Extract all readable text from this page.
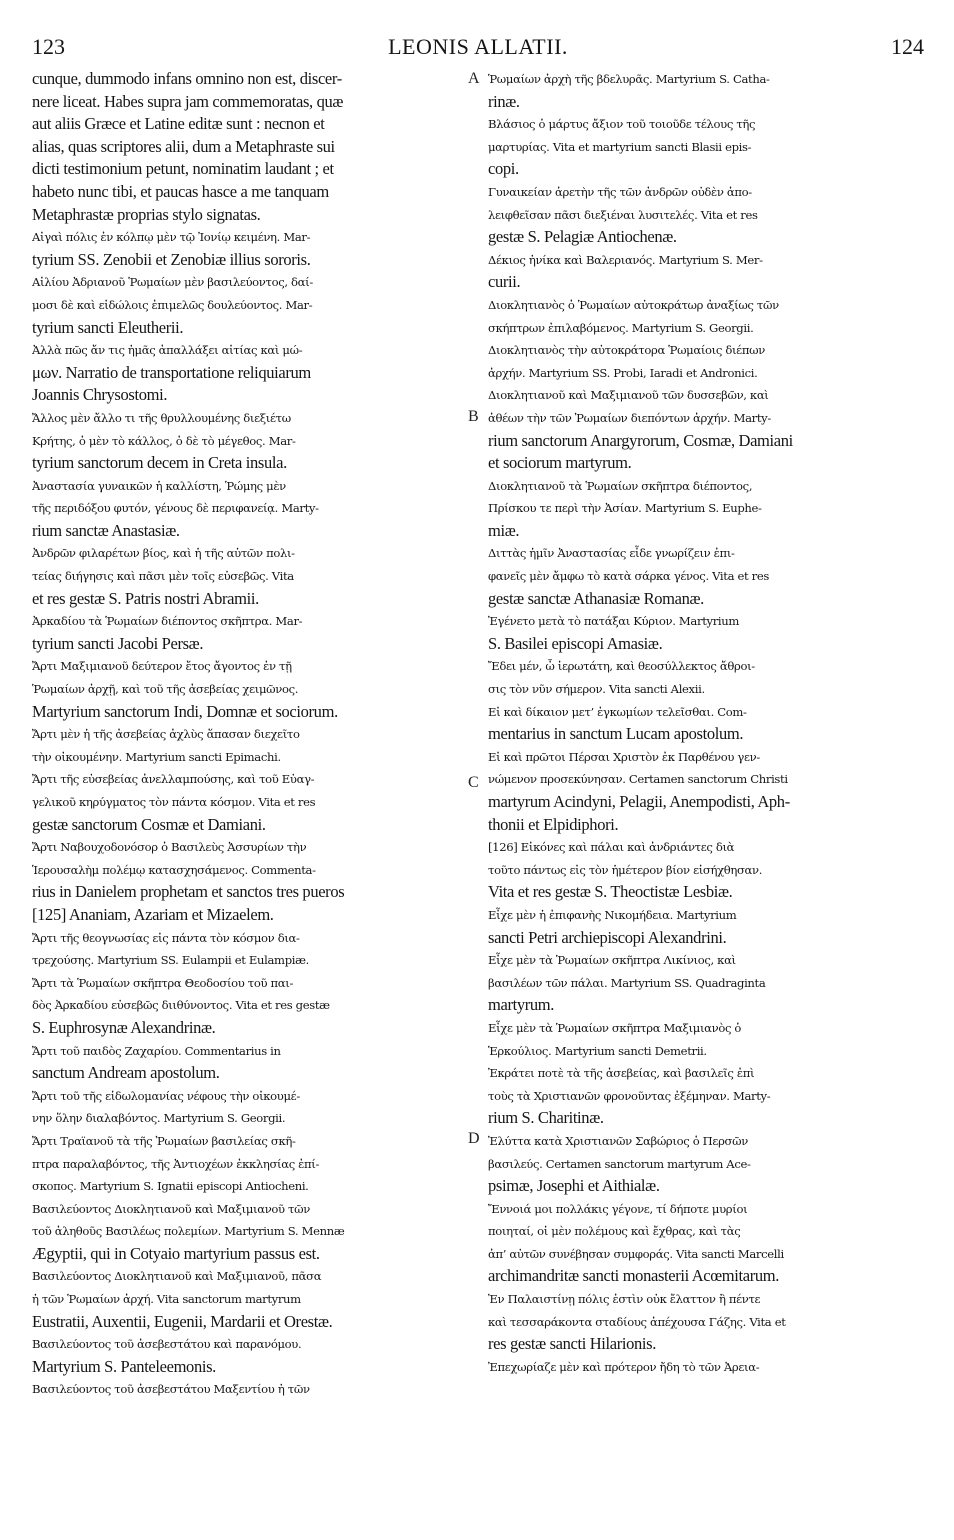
123	LEONIS ALLATII.	124
cunque, dummodo infans omnino non est, discer-
nere liceat. Habes supra jam commemoratas, quæ
aut aliis Græce et Latine editæ sunt : necnon et
alias, quas scriptores alii, dum a Metaphraste sui
dicti testimonium petunt, nominatim laudant ; et
habeto nunc tibi, et paucas hasce a me tanquam
Metaphrastæ proprias stylo signatas.
Αἰγαὶ πόλις ἐν κόλπῳ μὲν τῷ Ἰονίῳ κειμένη. Mar-
tyrium SS. Zenobii et Zenobiæ illius sororis.
Αἰλίου Ἀδριανοῦ Ῥωμαίων μὲν βασιλεύοντος, δαί-
μοσι δὲ καὶ εἰδώλοις ἐπιμελῶς δουλεύοντος. Mar-
tyrium sancti Eleutherii.
Ἀλλὰ πῶς ἄν τις ἡμᾶς ἀπαλλάξει αἰτίας καὶ μώ-
μων. Narratio de transportatione reliquiarum
Joannis Chrysostomi.
Ἄλλος μὲν ἄλλο τι τῆς θρυλλουμένης διεξιέτω
Κρήτης, ὁ μὲν τὸ κάλλος, ὁ δὲ τὸ μέγεθος. Mar-
tyrium sanctorum decem in Creta insula.
Ἀναστασία γυναικῶν ἡ καλλίστη, Ῥώμης μὲν
τῆς περιδόξου φυτόν, γένους δὲ περιφανείᾳ. Marty-
rium sanctæ Anastasiæ.
Ἀνδρῶν φιλαρέτων βίος, καὶ ἡ τῆς αὐτῶν πολι-
τείας διήγησις καὶ πᾶσι μὲν τοῖς εὐσεβῶς. Vita
et res gestæ S. Patris nostri Abramii.
Ἀρκαδίου τὰ Ῥωμαίων διέποντος σκῆπτρα. Mar-
tyrium sancti Jacobi Persæ.
Ἄρτι Μαξιμιανοῦ δεύτερον ἔτος ἄγοντος ἐν τῇ
Ῥωμαίων ἀρχῇ, καὶ τοῦ τῆς ἀσεβείας χειμῶνος.
Martyrium sanctorum Indi, Domnæ et sociorum.
Ἄρτι μὲν ἡ τῆς ἀσεβείας ἀχλὺς ἅπασαν διεχεῖτο
τὴν οἰκουμένην. Martyrium sancti Epimachi.
Ἄρτι τῆς εὐσεβείας ἀνελλαμπούσης, καὶ τοῦ Εὐαγ-
γελικοῦ κηρύγματος τὸν πάντα κόσμον. Vita et res
gestæ sanctorum Cosmæ et Damiani.
Ἄρτι Ναβουχοδονόσορ ὁ Βασιλεὺς Ἀσσυρίων τὴν
Ἱερουσαλὴμ πολέμῳ κατασχησάμενος. Commenta-
rius in Danielem prophetam et sanctos tres pueros
[125] Ananiam, Azariam et Mizaelem.
Ἄρτι τῆς θεογνωσίας εἰς πάντα τὸν κόσμον δια-
τρεχούσης. Martyrium SS. Eulampii et Eulampiæ.
Ἄρτι τὰ Ῥωμαίων σκῆπτρα Θεοδοσίου τοῦ παι-
δὸς Ἀρκαδίου εὐσεβῶς διιθύνοντος. Vita et res gestæ
S. Euphrosynæ Alexandrinæ.
Ἄρτι τοῦ παιδὸς Ζαχαρίου. Commentarius in
sanctum Andream apostolum.
Ἄρτι τοῦ τῆς εἰδωλομανίας νέφους τὴν οἰκουμέ-
νην ὅλην διαλαβόντος. Martyrium S. Georgii.
Ἄρτι Τραϊανοῦ τὰ τῆς Ῥωμαίων βασιλείας σκῆ-
πτρα παραλαβόντος, τῆς Ἀντιοχέων ἐκκλησίας ἐπί-
σκοπος. Martyrium S. Ignatii episcopi Antiocheni.
Βασιλεύοντος Διοκλητιανοῦ καὶ Μαξιμιανοῦ τῶν
τοῦ ἀληθοῦς Βασιλέως πολεμίων. Martyrium S. Mennæ
Ægyptii, qui in Cotyaio martyrium passus est.
Βασιλεύοντος Διοκλητιανοῦ καὶ Μαξιμιανοῦ, πᾶσα
ἡ τῶν Ῥωμαίων ἀρχή. Vita sanctorum martyrum
Eustratii, Auxentii, Eugenii, Mardarii et Orestæ.
Βασιλεύοντος τοῦ ἀσεβεστάτου καὶ παρανόμου.
Martyrium S. Panteleemonis.
Βασιλεύοντος τοῦ ἀσεβεστάτου Μαξεντίου ἡ τῶν
Ῥωμαίων ἀρχὴ τῆς βδελυρᾶς. Martyrium S. Catha-
rinæ.
Βλάσιος ὁ μάρτυς ἄξιον τοῦ τοιοῦδε τέλους τῆς
μαρτυρίας. Vita et martyrium sancti Blasii epis-
copi.
Γυναικείαν ἀρετὴν τῆς τῶν ἀνδρῶν οὐδὲν ἀπο-
λειφθεῖσαν πᾶσι διεξιέναι λυσιτελές. Vita et res
gestæ S. Pelagiæ Antiochenæ.
Δέκιος ἡνίκα καὶ Βαλεριανός. Martyrium S. Mer-
curii.
Διοκλητιανὸς ὁ Ῥωμαίων αὐτοκράτωρ ἀναξίως τῶν
σκήπτρων ἐπιλαβόμενος. Martyrium S. Georgii.
Διοκλητιανὸς τὴν αὐτοκράτορα Ῥωμαίοις διέπων
ἀρχήν. Martyrium SS. Probi, Iaradi et Andronici.
Διοκλητιανοῦ καὶ Μαξιμιανοῦ τῶν δυσσεβῶν, καὶ
ἀθέων τὴν τῶν Ῥωμαίων διεπόντων ἀρχήν. Marty-
rium sanctorum Anargyrorum, Cosmæ, Damiani
et sociorum martyrum.
Διοκλητιανοῦ τὰ Ῥωμαίων σκῆπτρα διέποντος,
Πρίσκου τε περὶ τὴν Ἀσίαν. Martyrium S. Euphe-
miæ.
Διττὰς ἡμῖν Ἀναστασίας εἶδε γνωρίζειν ἐπι-
φανεῖς μὲν ἄμφω τὸ κατὰ σάρκα γένος. Vita et res
gestæ sanctæ Athanasiæ Romanæ.
Ἐγένετο μετὰ τὸ πατάξαι Κύριον. Martyrium
S. Basilei episcopi Amasiæ.
Ἔδει μέν, ὦ ἱερωτάτη, καὶ θεοσύλλεκτος ἄθροι-
σις τὸν νῦν σήμερον. Vita sancti Alexii.
Εἰ καὶ δίκαιον μετ’ ἐγκωμίων τελεῖσθαι. Com-
mentarius in sanctum Lucam apostolum.
Εἰ καὶ πρῶτοι Πέρσαι Χριστὸν ἐκ Παρθένου γεν-
νώμενον προσεκύνησαν. Certamen sanctorum Christi
martyrum Acindyni, Pelagii, Anempodisti, Aph-
thonii et Elpidiphori.
[126] Εἰκόνες καὶ πάλαι καὶ ἀνδριάντες διὰ
τοῦτο πάντως εἰς τὸν ἡμέτερον βίον εἰσήχθησαν.
Vita et res gestæ S. Theoctistæ Lesbiæ.
Εἶχε μὲν ἡ ἐπιφανὴς Νικομήδεια. Martyrium
sancti Petri archiepiscopi Alexandrini.
Εἶχε μὲν τὰ Ῥωμαίων σκῆπτρα Λικίνιος, καὶ
βασιλέων τῶν πάλαι. Martyrium SS. Quadraginta
martyrum.
Εἶχε μὲν τὰ Ῥωμαίων σκῆπτρα Μαξιμιανὸς ὁ
Ἑρκούλιος. Martyrium sancti Demetrii.
Ἐκράτει ποτὲ τὰ τῆς ἀσεβείας, καὶ βασιλεῖς ἐπὶ
τοὺς τὰ Χριστιανῶν φρονοῦντας ἐξέμηναν. Marty-
rium S. Charitinæ.
Ἐλύττα κατὰ Χριστιανῶν Σαβώριος ὁ Περσῶν
βασιλεύς. Certamen sanctorum martyrum Ace-
psimæ, Josephi et Aithialæ.
Ἔννοιά μοι πολλάκις γέγονε, τί δήποτε μυρίοι
ποιηταί, οἱ μὲν πολέμους καὶ ἔχθρας, καὶ τὰς
ἀπ’ αὐτῶν συνέβησαν συμφοράς. Vita sancti Marcelli
archimandritæ sancti monasterii Acœmitarum.
Ἐν Παλαιστίνῃ πόλις ἐστὶν οὐκ ἔλαττον ἢ πέντε
καὶ τεσσαράκοντα σταδίους ἀπέχουσα Γάζης. Vita et
res gestæ sancti Hilarionis.
Ἐπεχωρίαζε μὲν καὶ πρότερον ἤδη τὸ τῶν Ἀρεια-
A
B
C
D
